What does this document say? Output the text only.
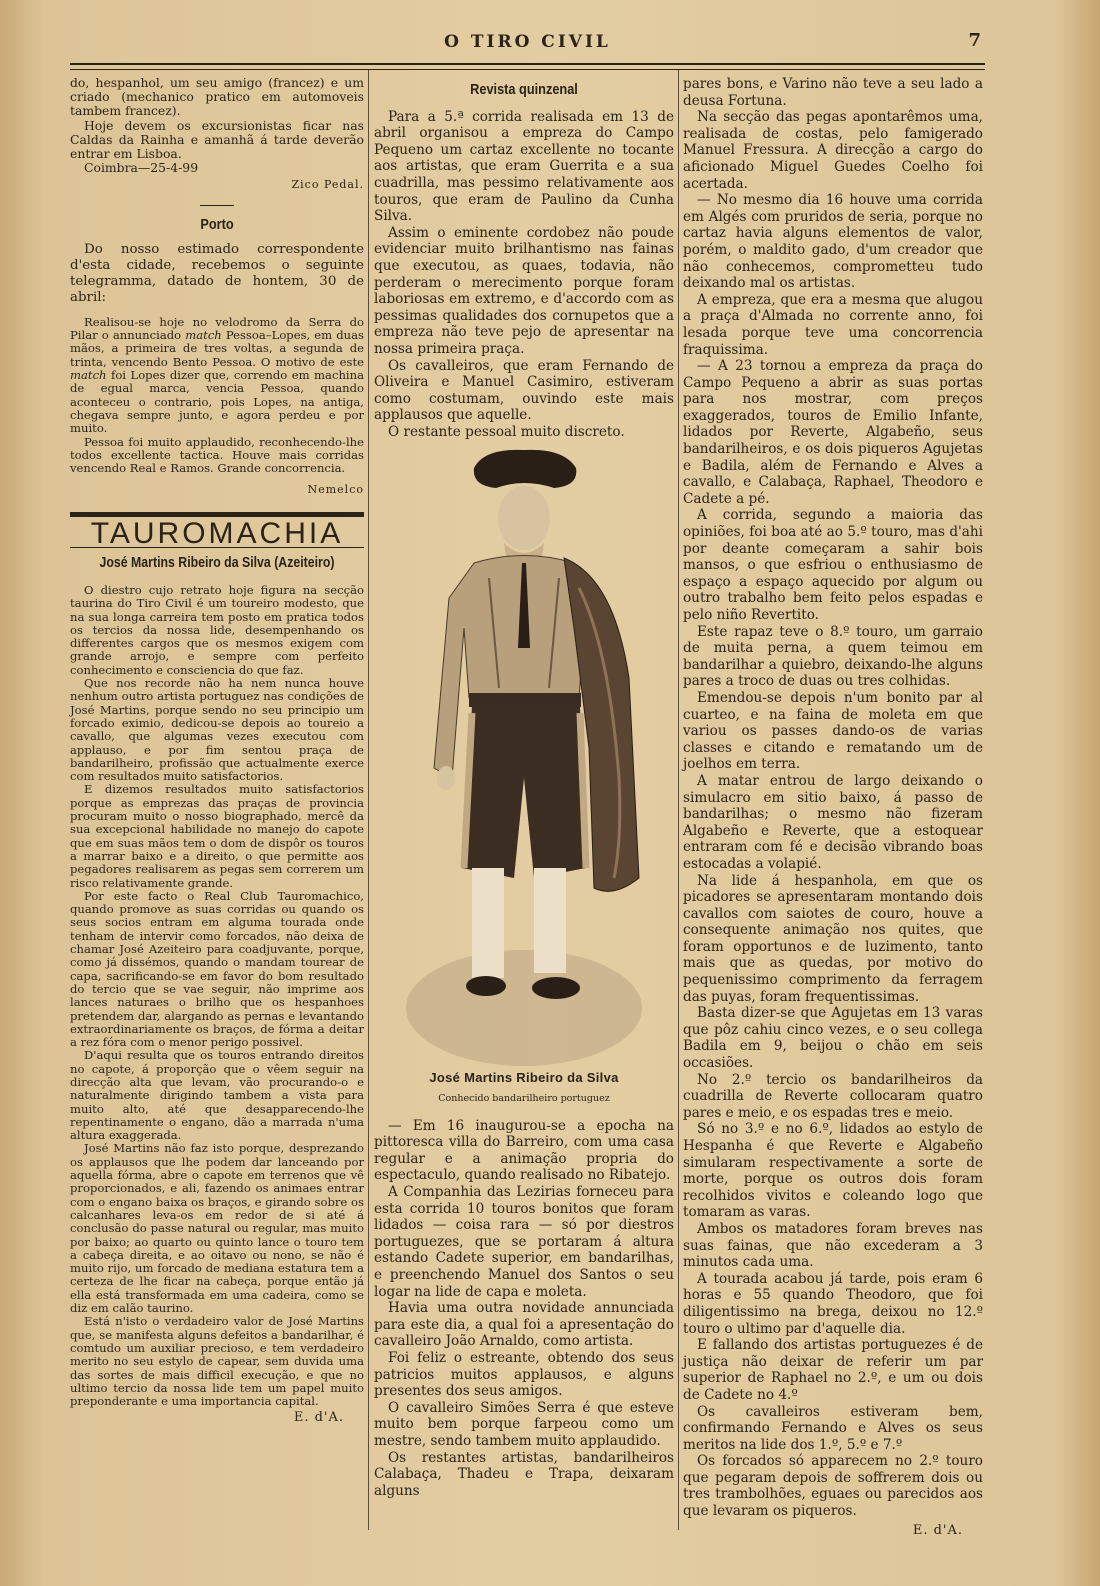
O TIRO CIVIL	7

do, hespanhol, um seu amigo (francez) e um criado (mechanico pratico em automoveis tambem francez).

Hoje devem os excursionistas ficar nas Caldas da Rainha e amanhã á tarde deverão entrar em Lisboa.

Coimbra—25-4-99

Zico Pedal.
Porto

Do nosso estimado correspondente d'esta cidade, recebemos o seguinte telegramma, datado de hontem, 30 de abril:

Realisou-se hoje no velodromo da Serra do Pilar o annunciado match Pessoa–Lopes, em duas mãos, a primeira de tres voltas, a segunda de trinta, vencendo Bento Pessoa. O motivo de este match foi Lopes dizer que, correndo em machina de egual marca, vencia Pessoa, quando aconteceu o contrario, pois Lopes, na antiga, chegava sempre junto, e agora perdeu e por muito.

Pessoa foi muito applaudido, reconhecendo-lhe todos excellente tactica. Houve mais corridas vencendo Real e Ramos. Grande concorrencia.

Nemelco
TAUROMACHIA
José Martins Ribeiro da Silva (Azeiteiro)

O diestro cujo retrato hoje figura na secção taurina do Tiro Civil é um toureiro modesto, que na sua longa carreira tem posto em pratica todos os tercios da nossa lide, desempenhando os differentes cargos que os mesmos exigem com grande arrojo, e sempre com perfeito conhecimento e consciencia do que faz.

Que nos recorde não ha nem nunca houve nenhum outro artista portuguez nas condições de José Martins, porque sendo no seu principio um forcado eximio, dedicou-se depois ao toureio a cavallo, que algumas vezes executou com applauso, e por fim sentou praça de bandarilheiro, profissão que actualmente exerce com resultados muito satisfactorios.

E dizemos resultados muito satisfactorios porque as emprezas das praças de provincia procuram muito o nosso biographado, mercê da sua excepcional habilidade no manejo do capote que em suas mãos tem o dom de dispôr os touros a marrar baixo e a direito, o que permitte aos pegadores realisarem as pegas sem correrem um risco relativamente grande.

Por este facto o Real Club Tauromachico, quando promove as suas corridas ou quando os seus socios entram em alguma tourada onde tenham de intervir como forcados, não deixa de chamar José Azeiteiro para coadjuvante, porque, como já dissémos, quando o mandam tourear de capa, sacrificando-se em favor do bom resultado do tercio que se vae seguir, não imprime aos lances naturaes o brilho que os hespanhoes pretendem dar, alargando as pernas e levantando extraordinariamente os braços, de fórma a deitar a rez fóra com o menor perigo possivel.

D'aqui resulta que os touros entrando direitos no capote, á proporção que o vêem seguir na direcção alta que levam, vão procurando-o e naturalmente dirigindo tambem a vista para muito alto, até que desapparecendo-lhe repentinamente o engano, dão a marrada n'uma altura exaggerada.

José Martins não faz isto porque, desprezando os applausos que lhe podem dar lanceando por aquella fórma, abre o capote em terrenos que vê proporcionados, e ali, fazendo os animaes entrar com o engano baixa os braços, e girando sobre os calcanhares leva-os em redor de si até á conclusão do passe natural ou regular, mas muito por baixo; ao quarto ou quinto lance o touro tem a cabeça direita, e ao oitavo ou nono, se não é muito rijo, um forcado de mediana estatura tem a certeza de lhe ficar na cabeça, porque então já ella está transformada em uma cadeira, como se diz em calão taurino.

Está n'isto o verdadeiro valor de José Martins que, se manifesta alguns defeitos a bandarilhar, é comtudo um auxiliar precioso, e tem verdadeiro merito no seu estylo de capear, sem duvida uma das sortes de mais difficil execução, e que no ultimo tercio da nossa lide tem um papel muito preponderante e uma importancia capital.

E. d'A.
Revista quinzenal

Para a 5.ª corrida realisada em 13 de abril organisou a empreza do Campo Pequeno um cartaz excellente no tocante aos artistas, que eram Guerrita e a sua cuadrilla, mas pessimo relativamente aos touros, que eram de Paulino da Cunha Silva.

Assim o eminente cordobez não poude evidenciar muito brilhantismo nas fainas que executou, as quaes, todavia, não perderam o merecimento porque foram laboriosas em extremo, e d'accordo com as pessimas qualidades dos cornupetos que a empreza não teve pejo de apresentar na nossa primeira praça.

Os cavalleiros, que eram Fernando de Oliveira e Manuel Casimiro, estiveram como costumam, ouvindo este mais applausos que aquelle.

O restante pessoal muito discreto.

José Martins Ribeiro da Silva
Conhecido bandarilheiro portuguez

— Em 16 inaugurou-se a epocha na pittoresca villa do Barreiro, com uma casa regular e a animação propria do espectaculo, quando realisado no Ribatejo.

A Companhia das Lezirias forneceu para esta corrida 10 touros bonitos que foram lidados — coisa rara — só por diestros portuguezes, que se portaram á altura estando Cadete superior, em bandarilhas, e preenchendo Manuel dos Santos o seu logar na lide de capa e moleta.

Havia uma outra novidade annunciada para este dia, a qual foi a apresentação do cavalleiro João Arnaldo, como artista.

Foi feliz o estreante, obtendo dos seus patricios muitos applausos, e alguns presentes dos seus amigos.

O cavalleiro Simões Serra é que esteve muito bem porque farpeou como um mestre, sendo tambem muito applaudido.

Os restantes artistas, bandarilheiros Calabaça, Thadeu e Trapa, deixaram alguns

pares bons, e Varino não teve a seu lado a deusa Fortuna.

Na secção das pegas apontarêmos uma, realisada de costas, pelo famigerado Manuel Fressura. A direcção a cargo do aficionado Miguel Guedes Coelho foi acertada.

— No mesmo dia 16 houve uma corrida em Algés com pruridos de seria, porque no cartaz havia alguns elementos de valor, porém, o maldito gado, d'um creador que não conhecemos, comprometteu tudo deixando mal os artistas.

A empreza, que era a mesma que alugou a praça d'Almada no corrente anno, foi lesada porque teve uma concorrencia fraquissima.

— A 23 tornou a empreza da praça do Campo Pequeno a abrir as suas portas para nos mostrar, com preços exaggerados, touros de Emilio Infante, lidados por Reverte, Algabeño, seus bandarilheiros, e os dois piqueros Agujetas e Badila, além de Fernando e Alves a cavallo, e Calabaça, Raphael, Theodoro e Cadete a pé.

A corrida, segundo a maioria das opiniões, foi boa até ao 5.º touro, mas d'ahi por deante começaram a sahir bois mansos, o que esfriou o enthusiasmo de espaço a espaço aquecido por algum ou outro trabalho bem feito pelos espadas e pelo niño Revertito.

Este rapaz teve o 8.º touro, um garraio de muita perna, a quem teimou em bandarilhar a quiebro, deixando-lhe alguns pares a troco de duas ou tres colhidas.

Emendou-se depois n'um bonito par al cuarteo, e na faina de moleta em que variou os passes dando-os de varias classes e citando e rematando um de joelhos em terra.

A matar entrou de largo deixando o simulacro em sitio baixo, á passo de bandarilhas; o mesmo não fizeram Algabeño e Reverte, que a estoquear entraram com fé e decisão vibrando boas estocadas a volapié.

Na lide á hespanhola, em que os picadores se apresentaram montando dois cavallos com saiotes de couro, houve a consequente animação nos quites, que foram opportunos e de luzimento, tanto mais que as quedas, por motivo do pequenissimo comprimento da ferragem das puyas, foram frequentissimas.

Basta dizer-se que Agujetas em 13 varas que pôz cahiu cinco vezes, e o seu collega Badila em 9, beijou o chão em seis occasiões.

No 2.º tercio os bandarilheiros da cuadrilla de Reverte collocaram quatro pares e meio, e os espadas tres e meio.

Só no 3.º e no 6.º, lidados ao estylo de Hespanha é que Reverte e Algabeño simularam respectivamente a sorte de morte, porque os outros dois foram recolhidos vivitos e coleando logo que tomaram as varas.

Ambos os matadores foram breves nas suas fainas, que não excederam a 3 minutos cada uma.

A tourada acabou já tarde, pois eram 6 horas e 55 quando Theodoro, que foi diligentissimo na brega, deixou no 12.º touro o ultimo par d'aquelle dia.

E fallando dos artistas portuguezes é de justiça não deixar de referir um par superior de Raphael no 2.º, e um ou dois de Cadete no 4.º

Os cavalleiros estiveram bem, confirmando Fernando e Alves os seus meritos na lide dos 1.º, 5.º e 7.º

Os forcados só apparecem no 2.º touro que pegaram depois de soffrerem dois ou tres trambolhões, eguaes ou parecidos aos que levaram os piqueros.

E. d'A.
